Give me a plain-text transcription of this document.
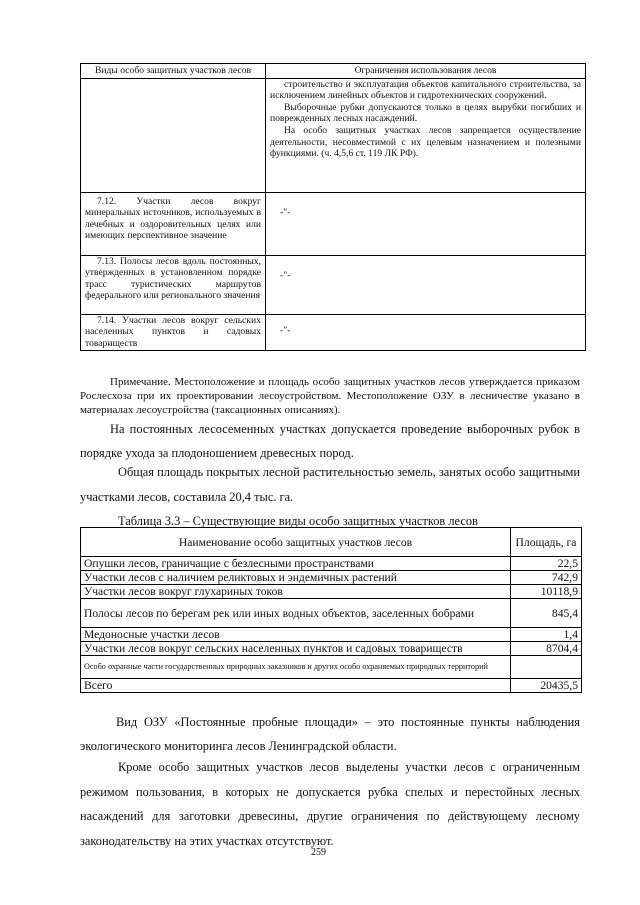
Виды особо защитных участков лесов	Ограничения использования лесов

	строительство и эксплуатация объектов капитального строительства, за исключением линейных объектов и гидротехнических сооружений.

Выборочные рубки допускаются только в целях вырубки погибших и поврежденных лесных насаждений.

На особо защитных участках лесов запрещается осуществление деятельности, несовместимой с их целевым назначением и полезными функциями. (ч. 4,5,6 ст. 119 ЛК РФ).

7.12. Участки лесов вокруг минеральных источников, используемых в лечебных и оздоровительных целях или имеющих перспективное значение	-"-

7.13. Полосы лесов вдоль постоянных, утвержденных в установленном порядке трасс туристических маршрутов федерального или регионального значения	-"-

7.14. Участки лесов вокруг сельских населенных пунктов и садовых товариществ	-"-

Примечание. Местоположение и площадь особо защитных участков лесов утверждается приказом Рослесхоза при их проектировании лесоустройством. Местоположение ОЗУ в лесничестве указано в материалах лесоустройства (таксационных описаниях).

На постоянных лесосеменных участках допускается проведение выборочных рубок в порядке ухода за плодоношением древесных пород.

Общая площадь покрытых лесной растительностью земель, занятых особо защитными участками лесов, составила 20,4 тыс. га.

Таблица 3.3 – Существующие виды особо защитных участков лесов

Наименование особо защитных участков лесов	Площадь, га
Опушки лесов, граничащие с безлесными пространствами	22,5
Участки лесов с наличием реликтовых и эндемичных растений	742,9
Участки лесов вокруг глухариных токов	10118,9
Полосы лесов по берегам рек или иных водных объектов, заселенных бобрами	845,4
Медоносные участки лесов	1,4
Участки лесов вокруг сельских населенных пунктов и садовых товариществ	8704,4
Особо охранные части государственных природных заказников и других особо охраняемых природных территорий	
Всего	20435,5

Вид ОЗУ «Постоянные пробные площади» – это постоянные пункты наблюдения экологического мониторинга лесов Ленинградской области.

Кроме особо защитных участков лесов выделены участки лесов с ограниченным режимом пользования, в которых не допускается рубка спелых и перестойных лесных насаждений для заготовки древесины, другие ограничения по действующему лесному законодательству на этих участках отсутствуют.

259
